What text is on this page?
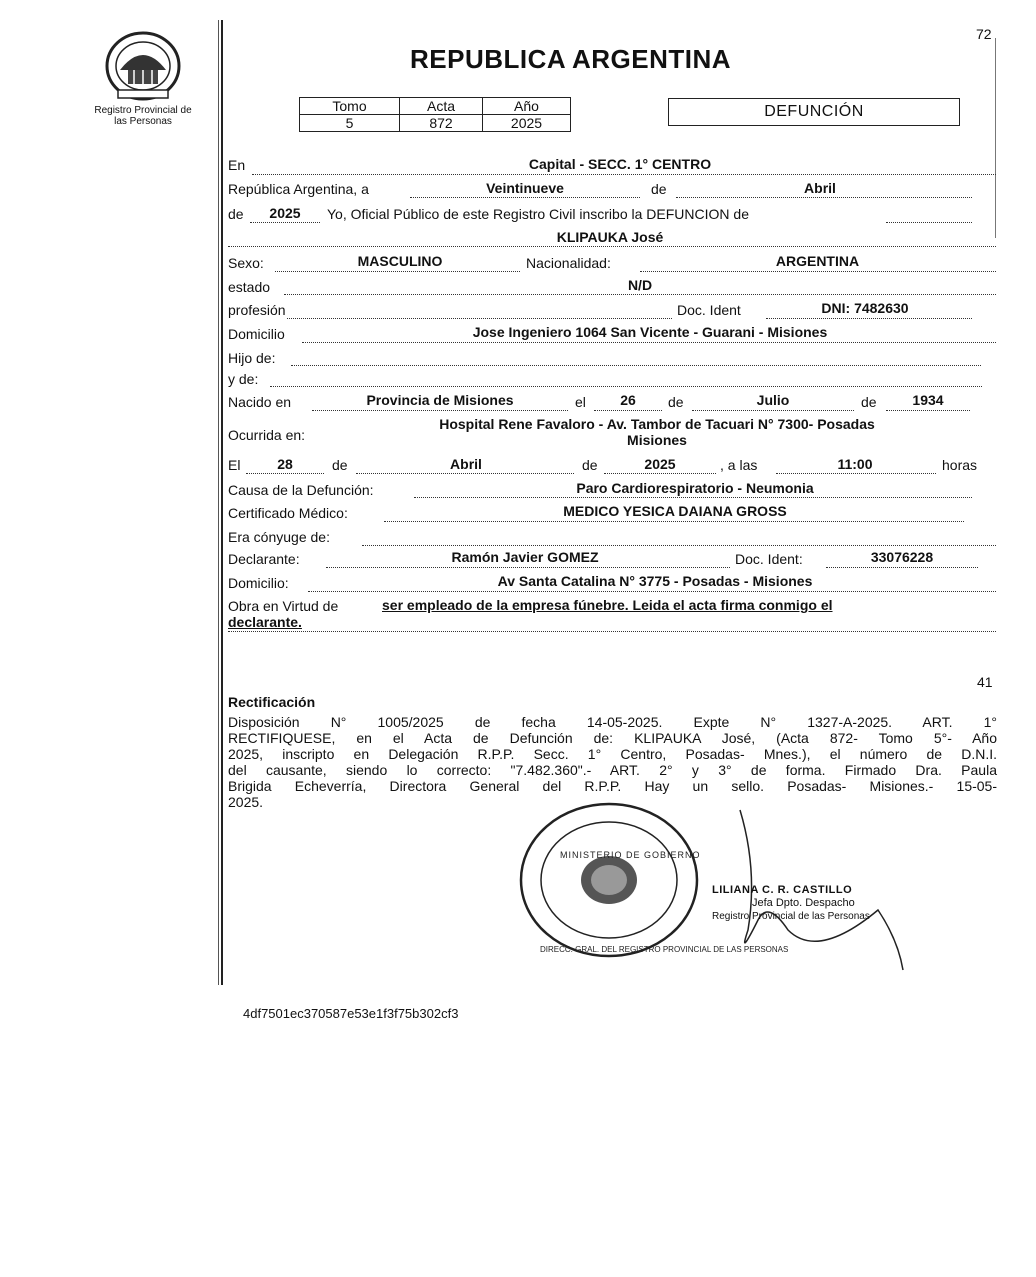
72
Registro Provincial de
las Personas
REPUBLICA ARGENTINA
Tomo	Acta	Año
5	872	2025
DEFUNCIÓN
En	Capital - SECC. 1° CENTRO
República Argentina, a	Veintinueve	de	Abril
de	2025	Yo, Oficial Público de este Registro Civil inscribo la DEFUNCION de
KLIPAUKA José
Sexo:	MASCULINO	Nacionalidad:	ARGENTINA
estado	N/D
profesión	Doc. Ident	DNI: 7482630
Domicilio	Jose Ingeniero 1064 San Vicente - Guarani - Misiones
Hijo de:
y de:
Nacido en	Provincia de Misiones	el	26	de	Julio	de	1934
Ocurrida en:
Hospital Rene Favaloro - Av. Tambor de Tacuari N° 7300- Posadas
Misiones
El	28	de	Abril	de	2025	, a las	11:00	horas
Causa de la Defunción:	Paro Cardiorespiratorio - Neumonia
Certificado Médico:	MEDICO YESICA DAIANA GROSS
Era cónyuge de:
Declarante:	Ramón Javier GOMEZ	Doc. Ident:	33076228
Domicilio:	Av Santa Catalina N° 3775 - Posadas - Misiones
Obra en Virtud de	ser empleado de la empresa fúnebre. Leida el acta firma conmigo el
declarante.
41
Rectificación
Disposición N° 1005/2025 de fecha 14-05-2025. Expte N° 1327-A-2025. ART. 1°
RECTIFIQUESE, en el Acta de Defunción de: KLIPAUKA José, (Acta 872- Tomo 5°- Año
2025, inscripto en Delegación R.P.P. Secc. 1° Centro, Posadas- Mnes.), el número de D.N.I.
del causante, siendo lo correcto: "7.482.360".- ART. 2° y 3° de forma. Firmado Dra. Paula
Brigida Echeverría, Directora General del R.P.P. Hay un sello. Posadas- Misiones.- 15-05-
2025.
DIRECC. GRAL. DEL REGISTRO PROVINCIAL DE LAS PERSONAS
MINISTERIO DE GOBIERNO
LILIANA C. R. CASTILLO
Jefa Dpto. Despacho
Registro Provincial de las Personas
4df7501ec370587e53e1f3f75b302cf3
